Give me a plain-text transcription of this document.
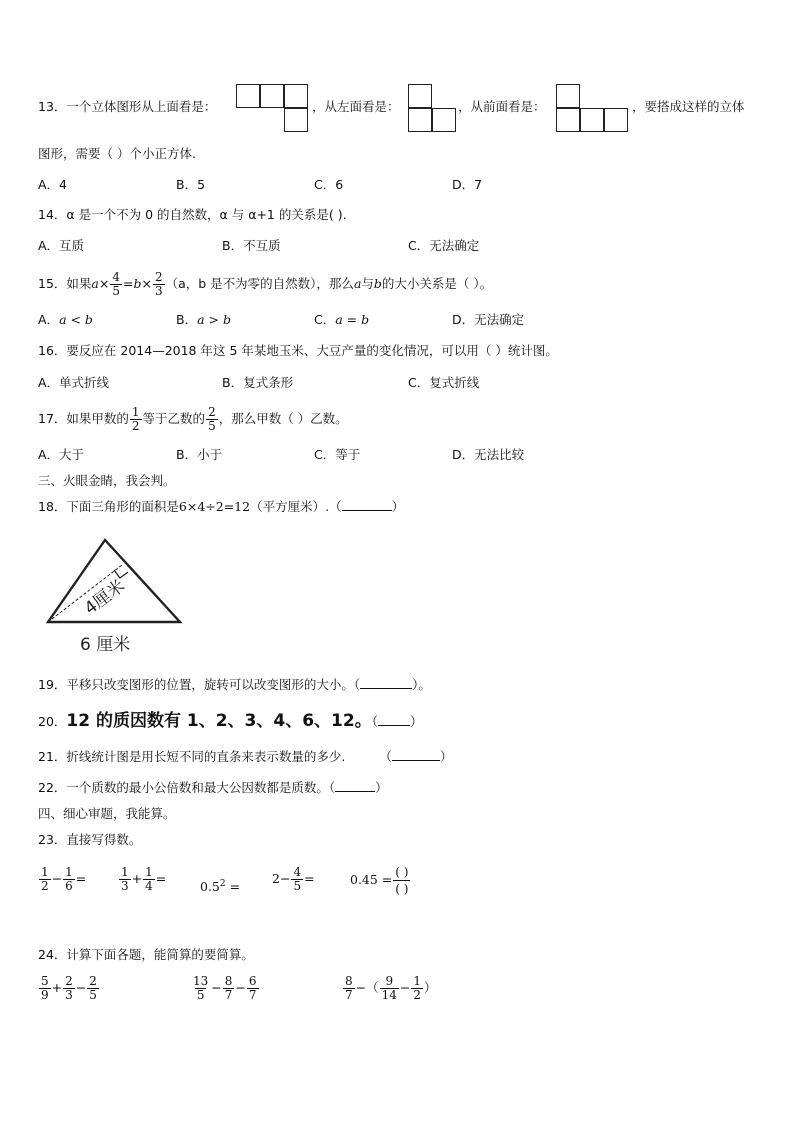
13．一个立体图形从上面看是：	，从左面看是：	，从前面看是：	，要搭成这样的立体
图形，需要（ ）个小正方体.
A．4	B．5	C．6	D．7
14．α 是一个不为 0 的自然数，α 与 α+1 的关系是( ).
A．互质	B．不互质	C．无法确定
15．如果$a\times \frac{4}{5} =b\times \frac{2}{3} (a$，b 是不为零的自然数），那么a与b的大小关系是（ ）。
A．a < b	B．a > b	C．a = b	D．无法确定
16．要反应在 2014—2018 年这 5 年某地玉米、大豆产量的变化情况，可以用（ ）统计图。
A．单式折线	B．复式条形	C．复式折线
17．如果甲数的 $\frac{1}{2}$ 等于乙数的 $\frac{2}{5}$ ，那么甲数（ ）乙数。
A．大于	B．小于	C．等于	D．无法比较
三、火眼金睛，我会判。
18．下面三角形的面积是6×4÷2=12（平方厘米）.（	）
4厘米
6 厘米
19．平移只改变图形的位置，旋转可以改变图形的大小。（	）。
20．12 的质因数有 1、2、3、4、6、12。（	）
21．折线统计图是用长短不同的直条来表示数量的多少.	（	）
22．一个质数的最小公倍数和最大公因数都是质数。（	）
四、细心审题，我能算。
23．直接写得数。
$\frac{1}{2} - \frac{1}{6}$ =	$\frac{1}{3} + \frac{1}{4}$ =
$0.5^2$ =
$2- \frac{4}{5}$ =	0.45 = ( )
( )
24．计算下面各题，能简算的要简算。
$\frac{5}{9} + \frac{2}{3} - \frac{2}{5}$	$\frac{13}{5} - \frac{8}{7} - \frac{6}{7}$	$\frac{8}{7}$ −（ $\frac{9}{14} - \frac{1}{2}$ ）
